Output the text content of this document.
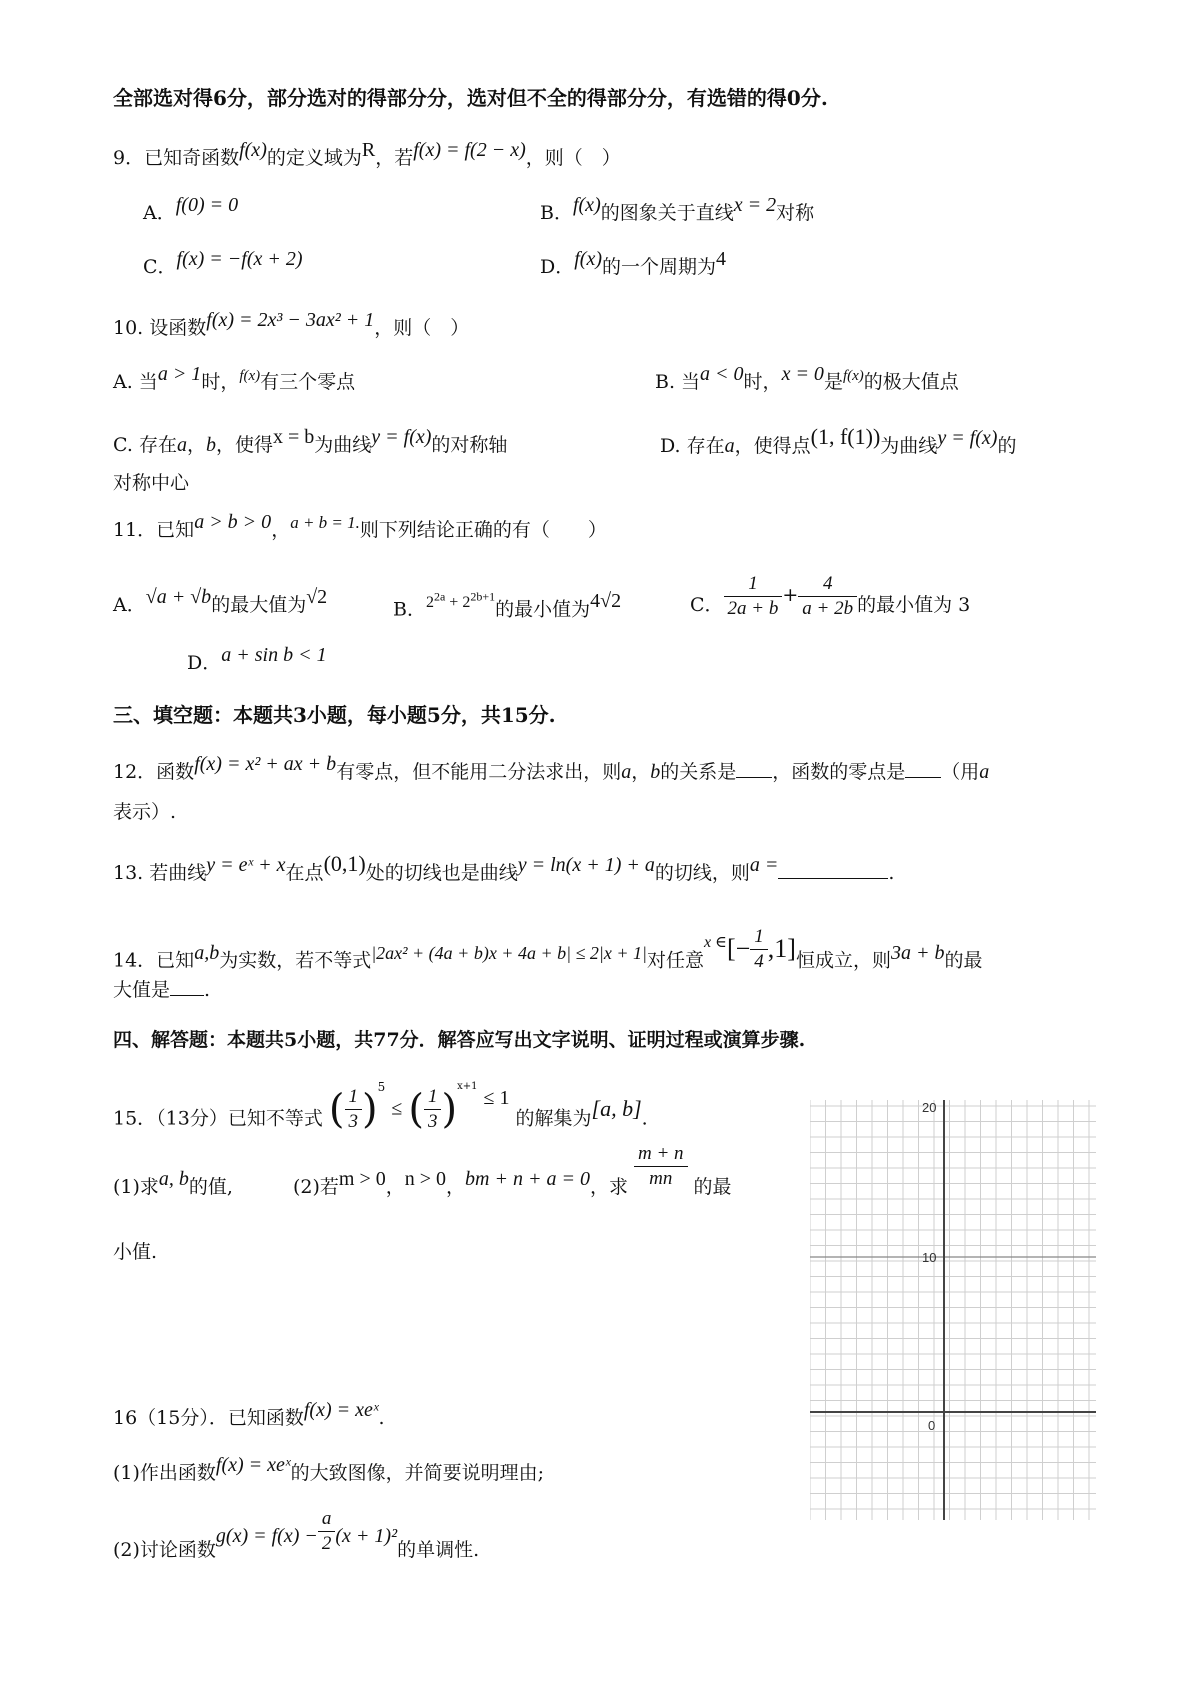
全部选对得6分，部分选对的得部分分，选对但不全的得部分分，有选错的得0分.
9．已知奇函数f(x)的定义域为R，若f(x) = f(2 − x)，则（　）
A．f(0) = 0	B．f(x)的图象关于直线x = 2对称
C．f(x) = −f(x + 2)	D．f(x)的一个周期为4
10. 设函数f(x) = 2x³ − 3ax² + 1，则（　）
A. 当a > 1时，$^{f(x)}$有三个零点	B. 当a < 0时，x = 0是$^{f(x)}$的极大值点
C. 存在a，b，使得x = b为曲线y = f(x)的对称轴	D. 存在a，使得点(1, f(1))为曲线y = f(x)的
对称中心
11．已知a > b > 0，a + b = 1.则下列结论正确的有（　　）
A．√a + √b的最大值为√2
B．$^{2^{2a} + 2^{2b+1}}$的最小值为4√2	C． $\frac{1}{2a + b} + \frac{4}{a + 2b}$ 的最小值为 3
D．a + sin b < 1
三、填空题：本题共3小题，每小题5分，共15分.
12．函数f(x) = x² + ax + b有零点，但不能用二分法求出，则a，b的关系是 ，函数的零点是 （用a
表示）.
13. 若曲线y = eˣ + x在点(0,1)处的切线也是曲线y = ln(x + 1) + a的切线，则a =	.
14．已知a,b为实数，若不等式|2ax² + (4a + b)x + 4a + b| ≤ 2|x + 1|对任意$^{x \in}[- \frac{1}{4} ,1]$恒成立，则3a + b的最
大值是 .
四、解答题：本题共5小题，共77分．解答应写出文字说明、证明过程或演算步骤.
15．（13分）已知不等式 ( $\frac{1}{3} )^5$ ≤ ( $\frac{1}{3} )^{x+1} \le 1$ 的解集为[a, b].
(1)求a, b的值,	(2)若m > 0，n > 0，bm + n + a = 0，求 $\frac{m + n}{mn}$ 的最
小值.
16（15分）．已知函数f(x) = xeˣ.
(1)作出函数f(x) = xeˣ的大致图像，并简要说明理由;
(2)讨论函数$g(x) = f(x) - \frac{a}{2} (x + 1)^2$的单调性.
20
10
0
